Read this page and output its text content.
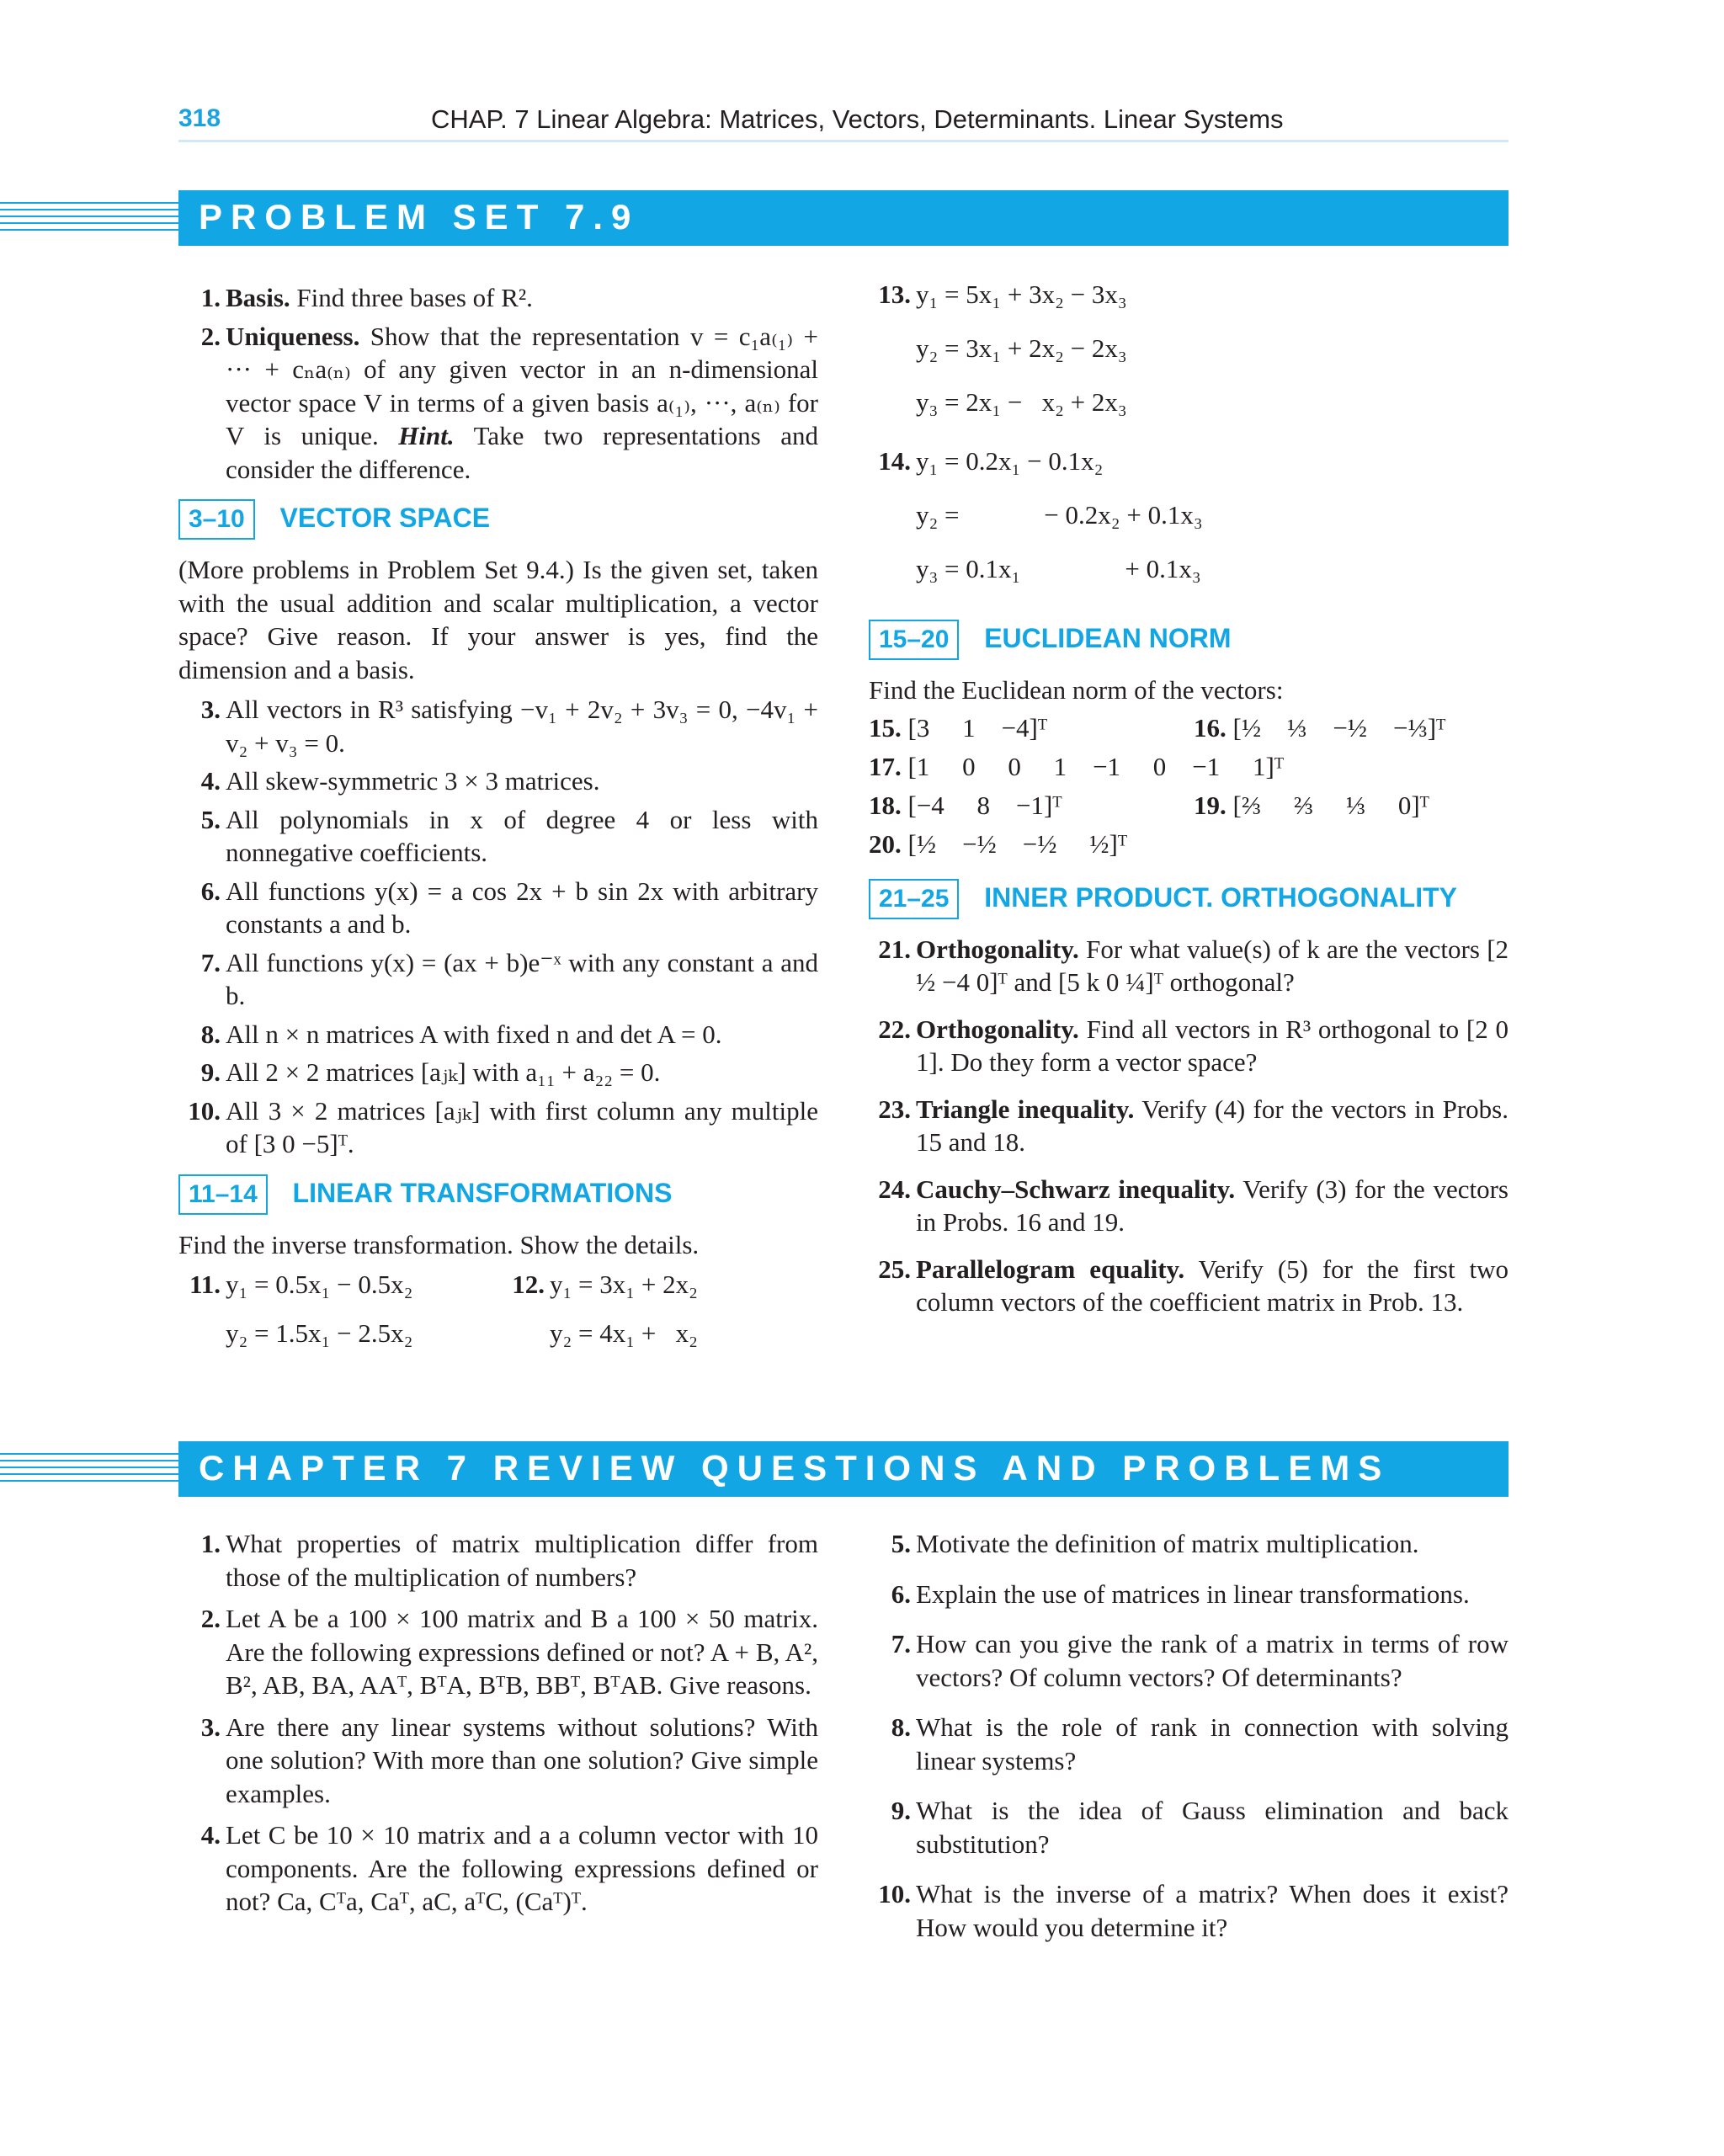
318	CHAP. 7 Linear Algebra: Matrices, Vectors, Determinants. Linear Systems
PROBLEM SET 7.9
1. Basis. Find three bases of R².
2. Uniqueness. Show that the representation v = c₁a₍₁₎ + ··· + cₙa₍ₙ₎ of any given vector in an n-dimensional vector space V in terms of a given basis a₍₁₎, ···, a₍ₙ₎ for V is unique. Hint. Take two representations and consider the difference.
3–10 VECTOR SPACE

(More problems in Problem Set 9.4.) Is the given set, taken with the usual addition and scalar multiplication, a vector space? Give reason. If your answer is yes, find the dimension and a basis.

3. All vectors in R³ satisfying −v₁ + 2v₂ + 3v₃ = 0, −4v₁ + v₂ + v₃ = 0.
4. All skew-symmetric 3 × 3 matrices.
5. All polynomials in x of degree 4 or less with nonnegative coefficients.
6. All functions y(x) = a cos 2x + b sin 2x with arbitrary constants a and b.
7. All functions y(x) = (ax + b)e⁻ˣ with any constant a and b.
8. All n × n matrices A with fixed n and det A = 0.
9. All 2 × 2 matrices [aⱼₖ] with a₁₁ + a₂₂ = 0.
10. All 3 × 2 matrices [aⱼₖ] with first column any multiple of [3 0 −5]ᵀ.
11–14 LINEAR TRANSFORMATIONS

Find the inverse transformation. Show the details.

11. y₁ = 0.5x₁ − 0.5x₂
y₂ = 1.5x₁ − 2.5x₂
12. y₁ = 3x₁ + 2x₂
y₂ = 4x₁ +   x₂
13. y₁ = 5x₁ + 3x₂ − 3x₃
y₂ = 3x₁ + 2x₂ − 2x₃
y₃ = 2x₁ −   x₂ + 2x₃
14. y₁ = 0.2x₁ − 0.1x₂
y₂ =             − 0.2x₂ + 0.1x₃
y₃ = 0.1x₁                + 0.1x₃
15–20 EUCLIDEAN NORM

Find the Euclidean norm of the vectors:

15. [3     1    −4]ᵀ	16. [½    ⅓    −½    −⅓]ᵀ
17. [1     0     0     1    −1     0    −1     1]ᵀ
18. [−4     8    −1]ᵀ	19. [⅔     ⅔     ⅓     0]ᵀ
20. [½    −½    −½     ½]ᵀ
21–25 INNER PRODUCT. ORTHOGONALITY
21. Orthogonality. For what value(s) of k are the vectors [2 ½ −4 0]ᵀ and [5 k 0 ¼]ᵀ orthogonal?
22. Orthogonality. Find all vectors in R³ orthogonal to [2 0 1]. Do they form a vector space?
23. Triangle inequality. Verify (4) for the vectors in Probs. 15 and 18.
24. Cauchy–Schwarz inequality. Verify (3) for the vectors in Probs. 16 and 19.
25. Parallelogram equality. Verify (5) for the first two column vectors of the coefficient matrix in Prob. 13.
CHAPTER 7 REVIEW QUESTIONS AND PROBLEMS
1. What properties of matrix multiplication differ from those of the multiplication of numbers?
2. Let A be a 100 × 100 matrix and B a 100 × 50 matrix. Are the following expressions defined or not? A + B, A², B², AB, BA, AAᵀ, BᵀA, BᵀB, BBᵀ, BᵀAB. Give reasons.
3. Are there any linear systems without solutions? With one solution? With more than one solution? Give simple examples.
4. Let C be 10 × 10 matrix and a a column vector with 10 components. Are the following expressions defined or not? Ca, Cᵀa, Caᵀ, aC, aᵀC, (Caᵀ)ᵀ.
5. Motivate the definition of matrix multiplication.
6. Explain the use of matrices in linear transformations.
7. How can you give the rank of a matrix in terms of row vectors? Of column vectors? Of determinants?
8. What is the role of rank in connection with solving linear systems?
9. What is the idea of Gauss elimination and back substitution?
10. What is the inverse of a matrix? When does it exist? How would you determine it?
